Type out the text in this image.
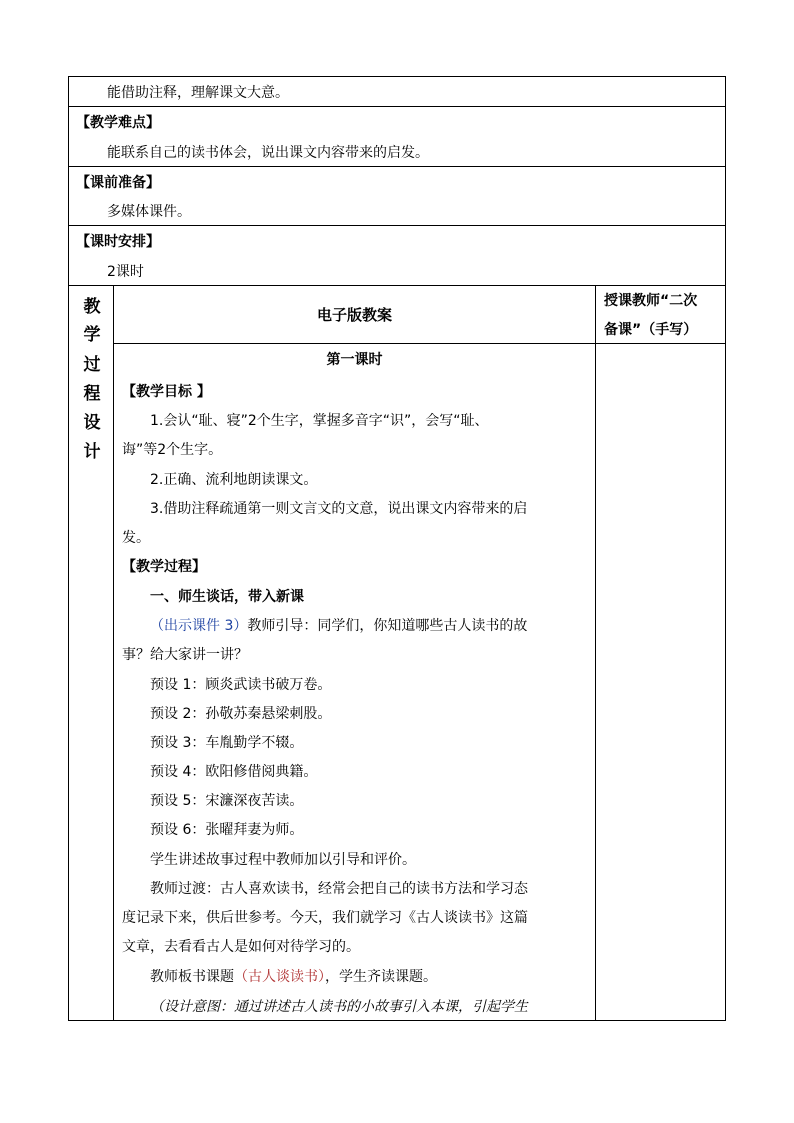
能借助注释，理解课文大意。
【教学难点】
能联系自己的读书体会，说出课文内容带来的启发。
【课前准备】
多媒体课件。
【课时安排】
2课时
教
学
过
程
设
计
电子版教案
授课教师“二次
备课”（手写）
第一课时
【教学目标 】
1.会认“耻、寝”2个生字，掌握多音字“识”，会写“耻、
诲”等2个生字。
2.正确、流利地朗读课文。
3.借助注释疏通第一则文言文的文意，说出课文内容带来的启
发。
【教学过程】
一、师生谈话，带入新课
（出示课件 3）教师引导：同学们，你知道哪些古人读书的故
事？给大家讲一讲？
预设 1：顾炎武读书破万卷。
预设 2：孙敬苏秦悬梁刺股。
预设 3：车胤勤学不辍。
预设 4：欧阳修借阅典籍。
预设 5：宋濂深夜苦读。
预设 6：张曜拜妻为师。
学生讲述故事过程中教师加以引导和评价。
教师过渡：古人喜欢读书，经常会把自己的读书方法和学习态
度记录下来，供后世参考。今天，我们就学习《古人谈读书》这篇
文章，去看看古人是如何对待学习的。
教师板书课题（古人谈读书），学生齐读课题。
（设计意图：通过讲述古人读书的小故事引入本课，引起学生
